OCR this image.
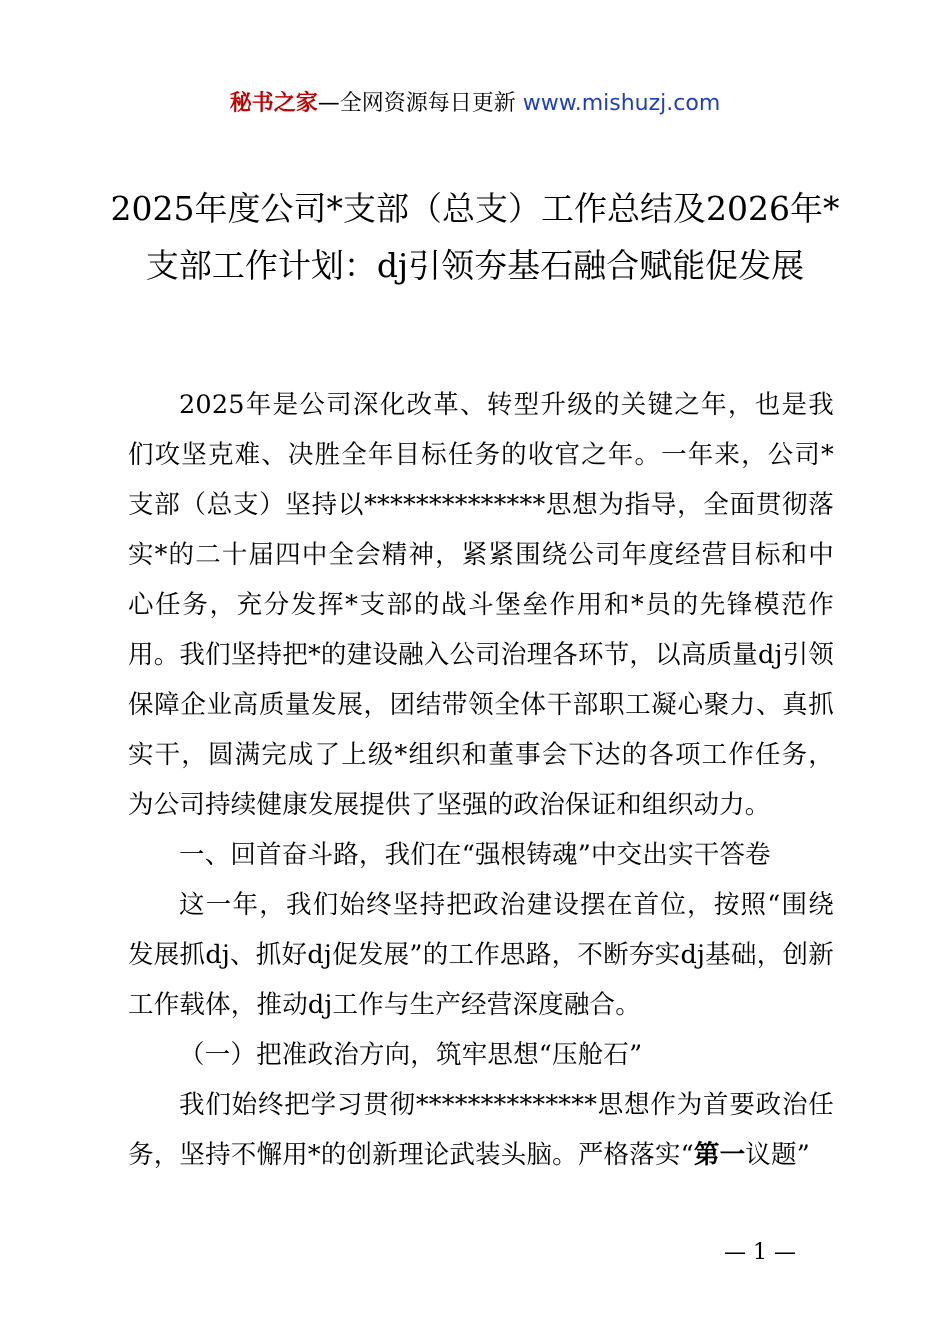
秘书之家—全网资源每日更新 www.mishuzj.com
2025年度公司*支部（总支）工作总结及2026年*支部工作计划：dj引领夯基石融合赋能促发展

2025年是公司深化改革、转型升级的关键之年，也是我们攻坚克难、决胜全年目标任务的收官之年。一年来，公司*支部（总支）坚持以**************思想为指导，全面贯彻落实*的二十届四中全会精神，紧紧围绕公司年度经营目标和中心任务，充分发挥*支部的战斗堡垒作用和*员的先锋模范作用。我们坚持把*的建设融入公司治理各环节，以高质量dj引领保障企业高质量发展，团结带领全体干部职工凝心聚力、真抓实干，圆满完成了上级*组织和董事会下达的各项工作任务，为公司持续健康发展提供了坚强的政治保证和组织动力。

一、回首奋斗路，我们在“强根铸魂”中交出实干答卷

这一年，我们始终坚持把政治建设摆在首位，按照“围绕发展抓dj、抓好dj促发展”的工作思路，不断夯实dj基础，创新工作载体，推动dj工作与生产经营深度融合。

（一）把准政治方向，筑牢思想“压舱石”

我们始终把学习贯彻**************思想作为首要政治任务，坚持不懈用*的创新理论武装头脑。严格落实“第一议题”

— 1 —
